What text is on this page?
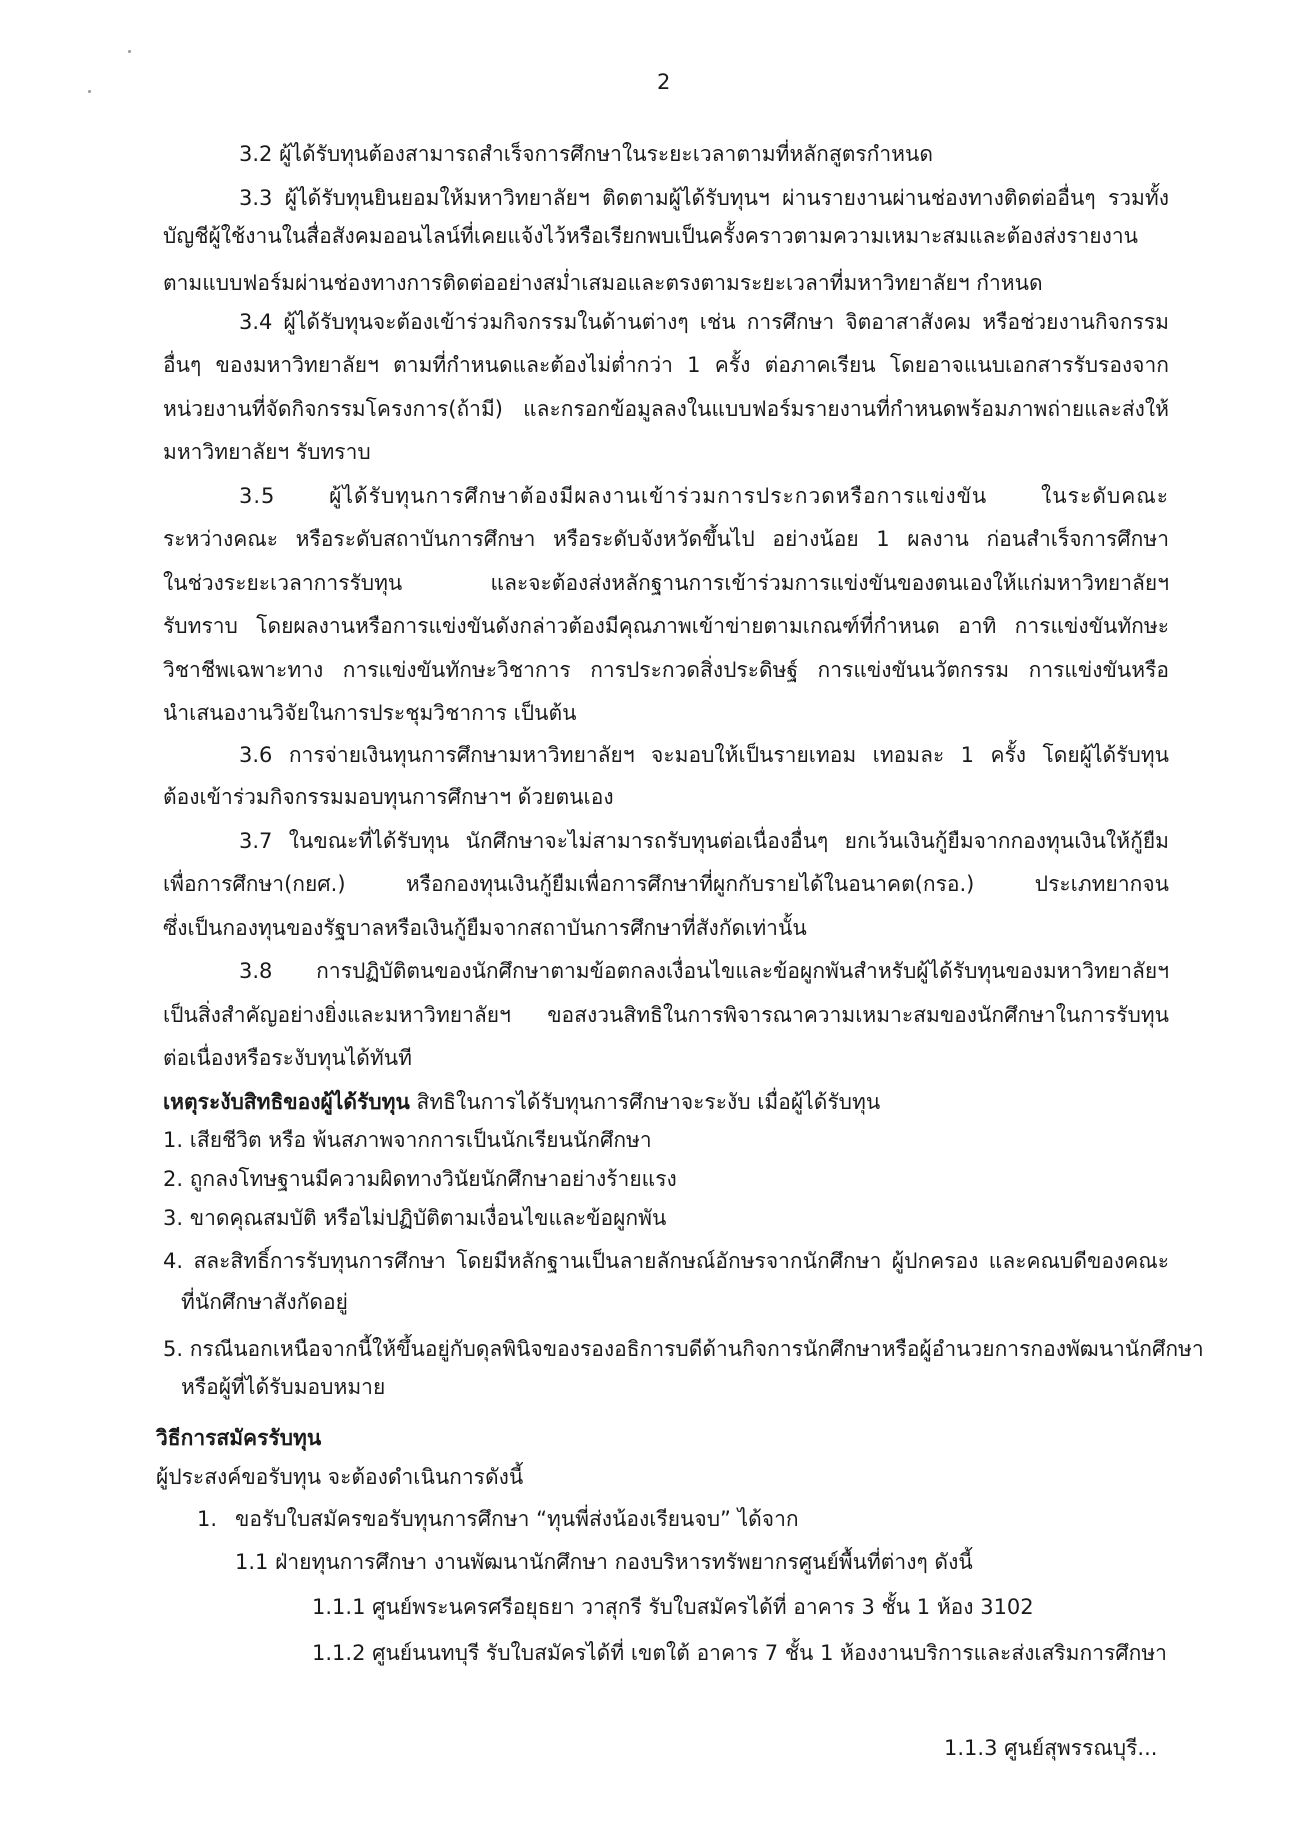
2
3.2 ผู้ได้รับทุนต้องสามารถสำเร็จการศึกษาในระยะเวลาตามที่หลักสูตรกำหนด
3.3 ผู้ได้รับทุนยินยอมให้มหาวิทยาลัยฯ ติดตามผู้ได้รับทุนฯ ผ่านรายงานผ่านช่องทางติดต่ออื่นๆ รวมทั้ง
บัญชีผู้ใช้งานในสื่อสังคมออนไลน์ที่เคยแจ้งไว้หรือเรียกพบเป็นครั้งคราวตามความเหมาะสมและต้องส่งรายงาน
ตามแบบฟอร์มผ่านช่องทางการติดต่ออย่างสม่ำเสมอและตรงตามระยะเวลาที่มหาวิทยาลัยฯ กำหนด
3.4 ผู้ได้รับทุนจะต้องเข้าร่วมกิจกรรมในด้านต่างๆ เช่น การศึกษา จิตอาสาสังคม หรือช่วยงานกิจกรรม
อื่นๆ ของมหาวิทยาลัยฯ ตามที่กำหนดและต้องไม่ต่ำกว่า 1 ครั้ง ต่อภาคเรียน โดยอาจแนบเอกสารรับรองจาก
หน่วยงานที่จัดกิจกรรมโครงการ(ถ้ามี) และกรอกข้อมูลลงในแบบฟอร์มรายงานที่กำหนดพร้อมภาพถ่ายและส่งให้
มหาวิทยาลัยฯ รับทราบ
3.5 ผู้ได้รับทุนการศึกษาต้องมีผลงานเข้าร่วมการประกวดหรือการแข่งขัน ในระดับคณะ
ระหว่างคณะ หรือระดับสถาบันการศึกษา หรือระดับจังหวัดขึ้นไป อย่างน้อย 1 ผลงาน ก่อนสำเร็จการศึกษา
ในช่วงระยะเวลาการรับทุน และจะต้องส่งหลักฐานการเข้าร่วมการแข่งขันของตนเองให้แก่มหาวิทยาลัยฯ
รับทราบ โดยผลงานหรือการแข่งขันดังกล่าวต้องมีคุณภาพเข้าข่ายตามเกณฑ์ที่กำหนด อาทิ การแข่งขันทักษะ
วิชาชีพเฉพาะทาง การแข่งขันทักษะวิชาการ การประกวดสิ่งประดิษฐ์ การแข่งขันนวัตกรรม การแข่งขันหรือ
นำเสนองานวิจัยในการประชุมวิชาการ เป็นต้น
3.6 การจ่ายเงินทุนการศึกษามหาวิทยาลัยฯ จะมอบให้เป็นรายเทอม เทอมละ 1 ครั้ง โดยผู้ได้รับทุน
ต้องเข้าร่วมกิจกรรมมอบทุนการศึกษาฯ ด้วยตนเอง
3.7 ในขณะที่ได้รับทุน นักศึกษาจะไม่สามารถรับทุนต่อเนื่องอื่นๆ ยกเว้นเงินกู้ยืมจากกองทุนเงินให้กู้ยืม
เพื่อการศึกษา(กยศ.) หรือกองทุนเงินกู้ยืมเพื่อการศึกษาที่ผูกกับรายได้ในอนาคต(กรอ.) ประเภทยากจน
ซึ่งเป็นกองทุนของรัฐบาลหรือเงินกู้ยืมจากสถาบันการศึกษาที่สังกัดเท่านั้น
3.8 การปฏิบัติตนของนักศึกษาตามข้อตกลงเงื่อนไขและข้อผูกพันสำหรับผู้ได้รับทุนของมหาวิทยาลัยฯ
เป็นสิ่งสำคัญอย่างยิ่งและมหาวิทยาลัยฯ ขอสงวนสิทธิในการพิจารณาความเหมาะสมของนักศึกษาในการรับทุน
ต่อเนื่องหรือระงับทุนได้ทันที
เหตุระงับสิทธิของผู้ได้รับทุน สิทธิในการได้รับทุนการศึกษาจะระงับ เมื่อผู้ได้รับทุน
1. เสียชีวิต หรือ พ้นสภาพจากการเป็นนักเรียนนักศึกษา
2. ถูกลงโทษฐานมีความผิดทางวินัยนักศึกษาอย่างร้ายแรง
3. ขาดคุณสมบัติ หรือไม่ปฏิบัติตามเงื่อนไขและข้อผูกพัน
4. สละสิทธิ์การรับทุนการศึกษา โดยมีหลักฐานเป็นลายลักษณ์อักษรจากนักศึกษา ผู้ปกครอง และคณบดีของคณะ
ที่นักศึกษาสังกัดอยู่
5. กรณีนอกเหนือจากนี้ให้ขึ้นอยู่กับดุลพินิจของรองอธิการบดีด้านกิจการนักศึกษาหรือผู้อำนวยการกองพัฒนานักศึกษา
หรือผู้ที่ได้รับมอบหมาย
วิธีการสมัครรับทุน
ผู้ประสงค์ขอรับทุน จะต้องดำเนินการดังนี้
1. ขอรับใบสมัครขอรับทุนการศึกษา “ทุนพี่ส่งน้องเรียนจบ” ได้จาก
1.1 ฝ่ายทุนการศึกษา งานพัฒนานักศึกษา กองบริหารทรัพยากรศูนย์พื้นที่ต่างๆ ดังนี้
1.1.1 ศูนย์พระนครศรีอยุธยา วาสุกรี รับใบสมัครได้ที่ อาคาร 3 ชั้น 1 ห้อง 3102
1.1.2 ศูนย์นนทบุรี รับใบสมัครได้ที่ เขตใต้ อาคาร 7 ชั้น 1 ห้องงานบริการและส่งเสริมการศึกษา
1.1.3 ศูนย์สุพรรณบุรี...
